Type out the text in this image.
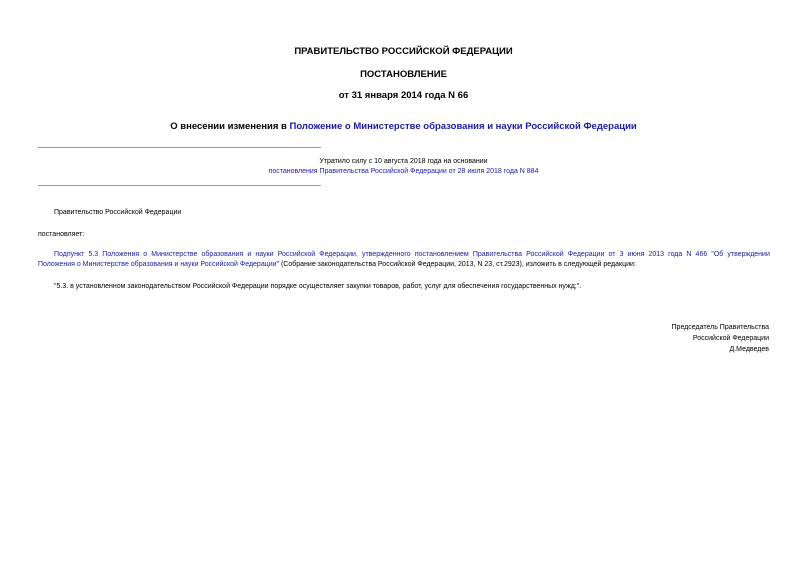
ПРАВИТЕЛЬСТВО РОССИЙСКОЙ ФЕДЕРАЦИИ
ПОСТАНОВЛЕНИЕ
от 31 января 2014 года N 66
О внесении изменения в Положение о Министерстве образования и науки Российской Федерации
Утратило силу с 10 августа 2018 года на основании
постановления Правительства Российской Федерации от 28 июля 2018 года N 884
Правительство Российской Федерации
постановляет:
Подпункт 5.3 Положения о Министерстве образования и науки Российской Федерации, утвержденного постановлением Правительства Российской Федерации от 3 июня 2013 года N 466 "Об утверждении
Положения о Министерстве образования и науки Российской Федерации" (Собрание законодательства Российской Федерации, 2013, N 23, ст.2923), изложить в следующей редакции:
"5.3. в установленном законодательством Российской Федерации порядке осуществляет закупки товаров, работ, услуг для обеспечения государственных нужд;".
Председатель Правительства
Российской Федерации
Д.Медведев
